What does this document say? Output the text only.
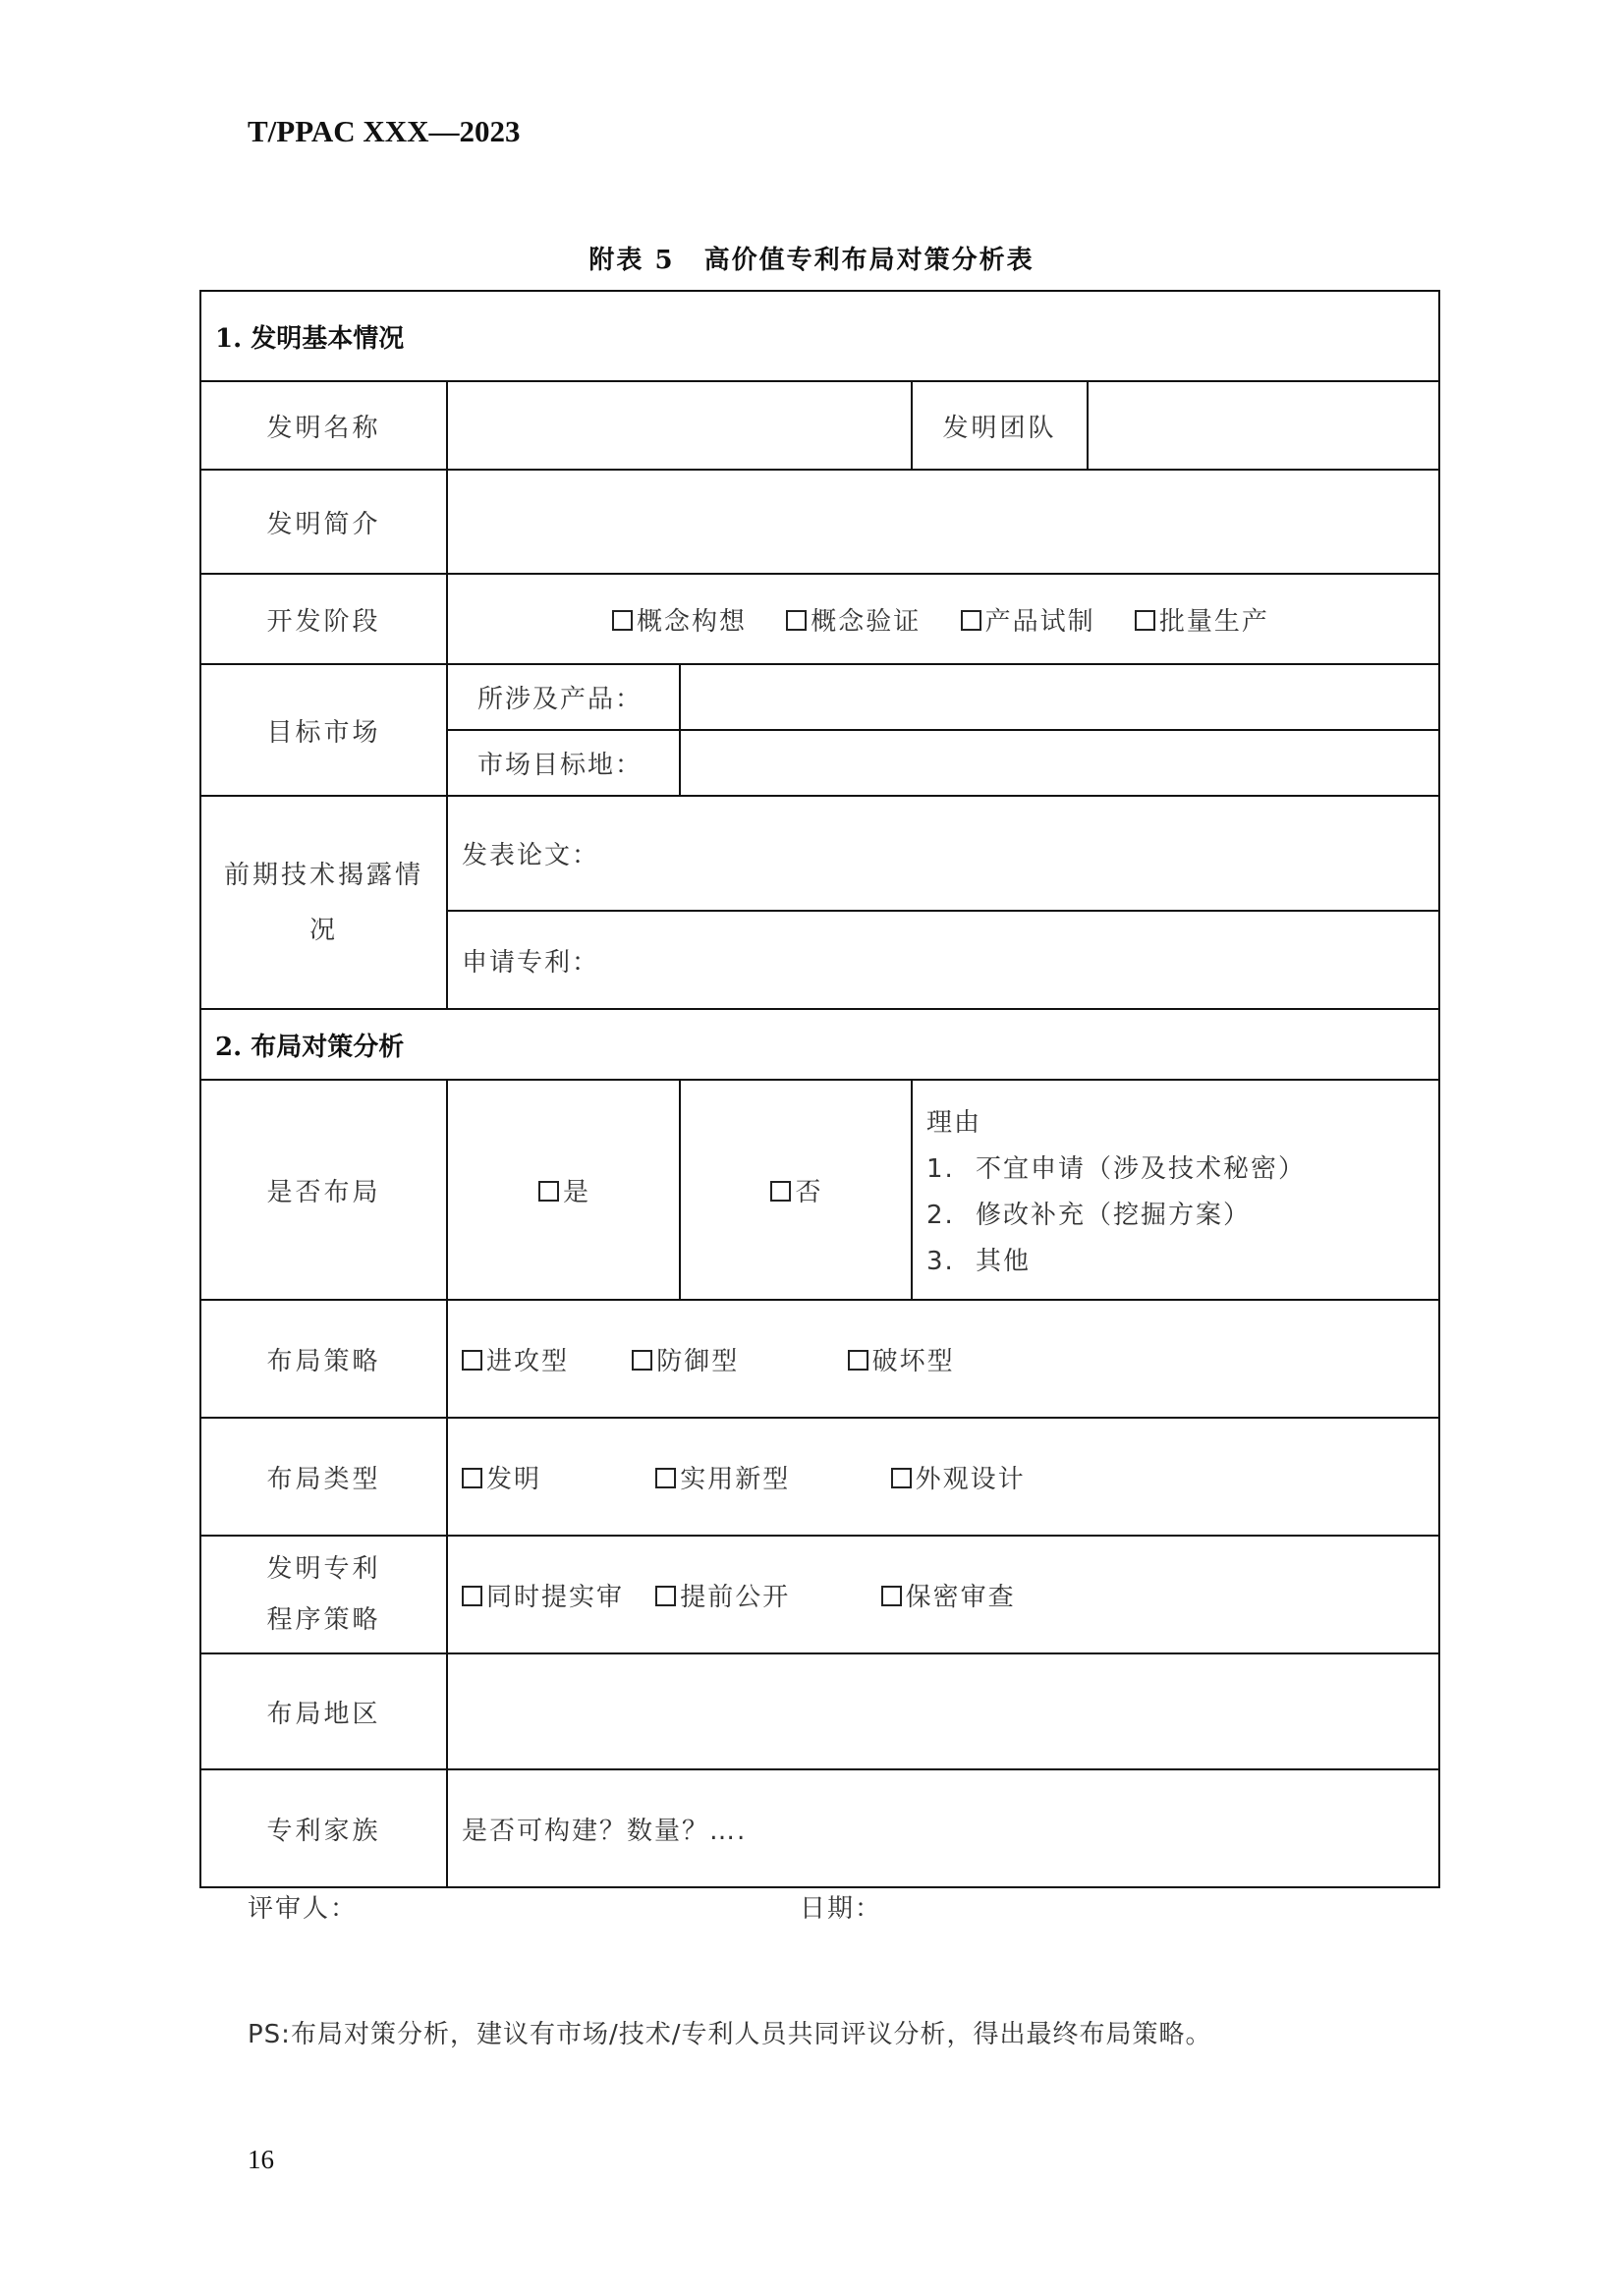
T/PPAC XXX—2023
附表 5 高价值专利布局对策分析表
1. 发明基本情况				
发明名称			发明团队	
发明简介				
开发阶段	概念构想 概念验证 产品试制 批量生产			
目标市场	所涉及产品：			
	市场目标地：			
前期技术揭露情况	发表论文：			
	申请专利：			
2. 布局对策分析				
是否布局	是	否	理由
1. 不宜申请（涉及技术秘密）
2. 修改补充（挖掘方案）
3. 其他	

布局策略	进攻型 防御型 破坏型			
布局类型	发明 实用新型 外观设计			

发明专利
程序策略	同时提实审 提前公开 保密审查			
布局地区				
专利家族	是否可构建？数量？….			
评审人：	日期：
PS:布局对策分析，建议有市场/技术/专利人员共同评议分析，得出最终布局策略。
16
